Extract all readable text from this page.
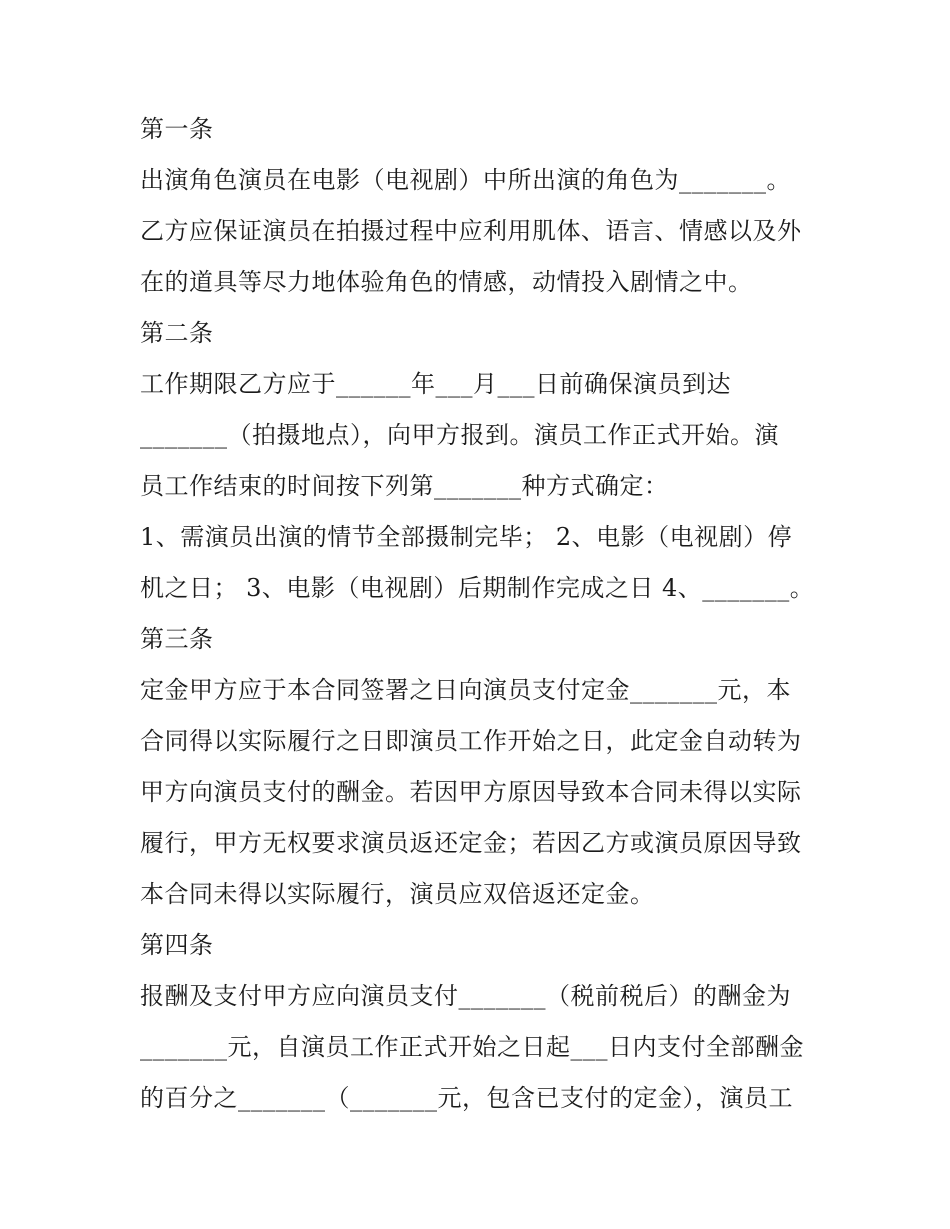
第一条
出演角色演员在电影（电视剧）中所出演的角色为_______。
乙方应保证演员在拍摄过程中应利用肌体、语言、情感以及外
在的道具等尽力地体验角色的情感，动情投入剧情之中。
第二条
工作期限乙方应于______年___月___日前确保演员到达
_______（拍摄地点），向甲方报到。演员工作正式开始。演
员工作结束的时间按下列第_______种方式确定：
1、需演员出演的情节全部摄制完毕； 2、电影（电视剧）停
机之日； 3、电影（电视剧）后期制作完成之日 4、_______。
第三条
定金甲方应于本合同签署之日向演员支付定金_______元，本
合同得以实际履行之日即演员工作开始之日，此定金自动转为
甲方向演员支付的酬金。若因甲方原因导致本合同未得以实际
履行，甲方无权要求演员返还定金；若因乙方或演员原因导致
本合同未得以实际履行，演员应双倍返还定金。
第四条
报酬及支付甲方应向演员支付_______（税前税后）的酬金为
_______元，自演员工作正式开始之日起___日内支付全部酬金
的百分之_______（_______元，包含已支付的定金），演员工
